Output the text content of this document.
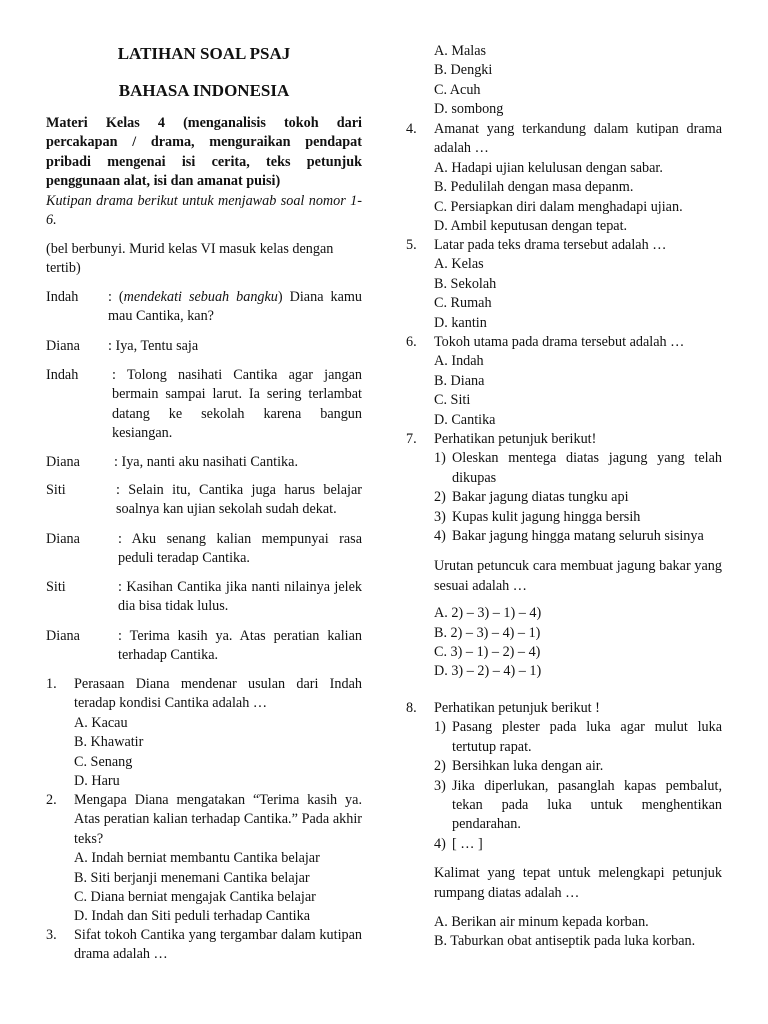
LATIHAN SOAL PSAJ

BAHASA INDONESIA

Materi Kelas 4 (menganalisis tokoh dari percakapan / drama, menguraikan pendapat pribadi mengenai isi cerita, teks petunjuk penggunaan alat, isi dan amanat puisi)

Kutipan drama berikut untuk menjawab soal nomor 1-6.

(bel berbunyi. Murid kelas VI masuk kelas dengan tertib)

Indah : (mendekati sebuah bangku) Diana kamu mau Cantika, kan?
Diana : Iya, Tentu saja
Indah : Tolong nasihati Cantika agar jangan bermain sampai larut. Ia sering terlambat datang ke sekolah karena bangun kesiangan.
Diana : Iya, nanti aku nasihati Cantika.
Siti	: Selain itu, Cantika juga harus belajar soalnya kan ujian sekolah sudah dekat.
Diana	: Aku senang kalian mempunyai rasa peduli teradap Cantika.
Siti	: Kasihan Cantika jika nanti nilainya jelek dia bisa tidak lulus.
Diana	: Terima kasih ya. Atas peratian kalian terhadap Cantika.
1. Perasaan Diana mendenar usulan dari Indah teradap kondisi Cantika adalah …
A. Kacau
B. Khawatir
C. Senang
D. Haru
2. Mengapa Diana mengatakan “Terima kasih ya. Atas peratian kalian terhadap Cantika.” Pada akhir teks?
A. Indah berniat membantu Cantika belajar
B. Siti berjanji menemani Cantika belajar
C. Diana berniat mengajak Cantika belajar
D. Indah dan Siti peduli terhadap Cantika
3. Sifat tokoh Cantika yang tergambar dalam kutipan drama adalah …
A. Malas
B. Dengki
C. Acuh
D. sombong
4. Amanat yang terkandung dalam kutipan drama adalah …
A. Hadapi ujian kelulusan dengan sabar.
B. Pedulilah dengan masa depanm.
C. Persiapkan diri dalam menghadapi ujian.
D. Ambil keputusan dengan tepat.
5. Latar pada teks drama tersebut adalah …
A. Kelas
B. Sekolah
C. Rumah
D. kantin
6. Tokoh utama pada drama tersebut adalah …
A. Indah
B. Diana
C. Siti
D. Cantika
7. Perhatikan petunjuk berikut!
1) Oleskan mentega diatas jagung yang telah dikupas
2) Bakar jagung diatas tungku api
3) Kupas kulit jagung hingga bersih
4) Bakar jagung hingga matang seluruh sisinya
Urutan petuncuk cara membuat jagung bakar yang sesuai adalah …
A. 2) – 3) – 1) – 4)
B. 2) – 3) – 4) – 1)
C. 3) – 1) – 2) – 4)
D. 3) – 2) – 4) – 1)
8. Perhatikan petunjuk berikut !
1) Pasang plester pada luka agar mulut luka tertutup rapat.
2) Bersihkan luka dengan air.
3) Jika diperlukan, pasanglah kapas pembalut, tekan pada luka untuk menghentikan pendarahan.
4) [ … ]
Kalimat yang tepat untuk melengkapi petunjuk rumpang diatas adalah …
A. Berikan air minum kepada korban.
B. Taburkan obat antiseptik pada luka korban.
